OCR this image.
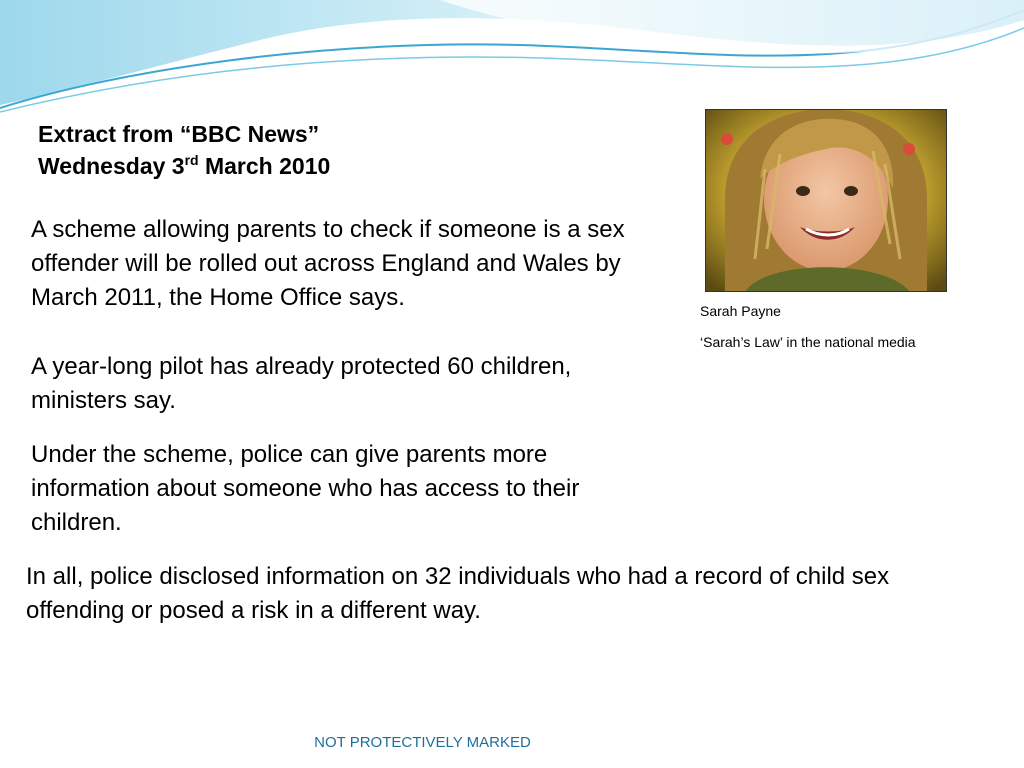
Extract from “BBC News”
Wednesday 3rd March 2010

A scheme allowing parents to check if someone is a sex offender will be rolled out across England and Wales by March 2011, the Home Office says.

A year-long pilot has already protected 60 children, ministers say.

Under the scheme, police can give parents more information about someone who has access to their children.

In all, police disclosed information on 32 individuals who had a record of child sex offending or posed a risk in a different way.

Sarah Payne
‘Sarah’s Law’ in the national media
NOT PROTECTIVELY MARKED
